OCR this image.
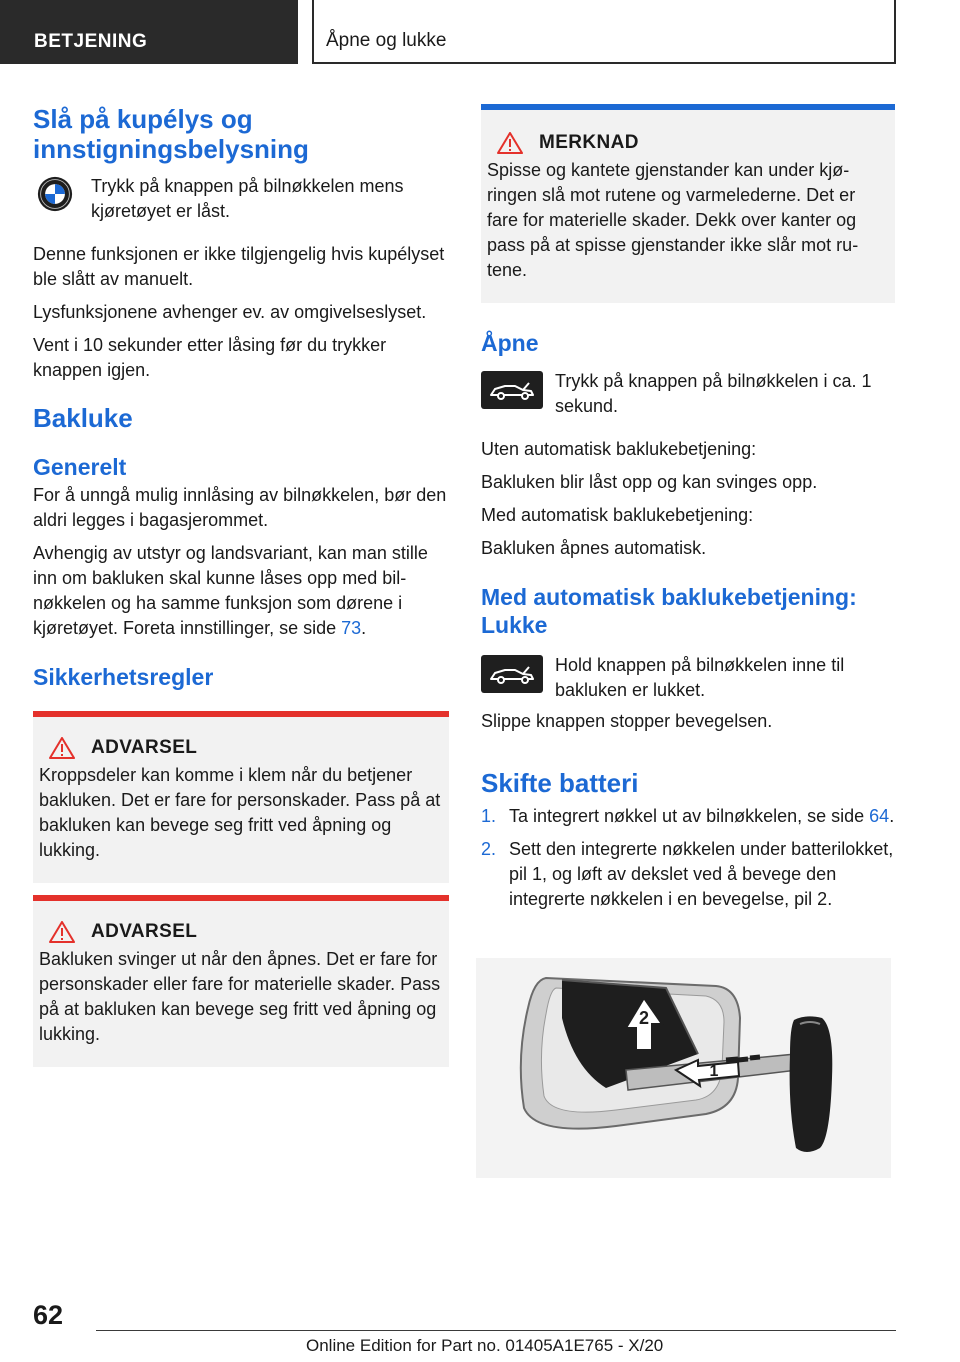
BETJENING	Åpne og lukke
Slå på kupélys og innstigningsbelysning

Trykk på knappen på bilnøkkelen mens kjøretøyet er låst.

Denne funksjonen er ikke tilgjengelig hvis kupélyset ble slått av manuelt.

Lysfunksjonene avhenger ev. av omgivelseslyset.

Vent i 10 sekunder etter låsing før du trykker knappen igjen.

Bakluke
Generelt

For å unngå mulig innlåsing av bilnøkkelen, bør den aldri legges i bagasjerommet.

Avhengig av utstyr og landsvariant, kan man stille inn om bakluken skal kunne låses opp med bilnøkkelen og ha samme funksjon som dørene i kjøretøyet. Foreta innstillinger, se side 73.

Sikkerhetsregler
ADVARSEL

Kroppsdeler kan komme i klem når du betjener bakluken. Det er fare for personskader. Pass på at bakluken kan bevege seg fritt ved åpning og lukking.

ADVARSEL

Bakluken svinger ut når den åpnes. Det er fare for personskader eller fare for materielle skader. Pass på at bakluken kan bevege seg fritt ved åpning og lukking.

MERKNAD

Spisse og kantete gjenstander kan under kjøringen slå mot rutene og varmelederne. Det er fare for materielle skader. Dekk over kanter og pass på at spisse gjenstander ikke slår mot rutene.

Åpne

Trykk på knappen på bilnøkkelen i ca. 1 sekund.

Uten automatisk baklukebetjening:

Bakluken blir låst opp og kan svinges opp.

Med automatisk baklukebetjening:

Bakluken åpnes automatisk.

Med automatisk baklukebetjening: Lukke

Hold knappen på bilnøkkelen inne til bakluken er lukket.

Slippe knappen stopper bevegelsen.

Skifte batteri
1. Ta integrert nøkkel ut av bilnøkkelen, se side 64.
2. Sett den integrerte nøkkelen under batterilokket, pil 1, og løft av dekslet ved å bevege den integrerte nøkkelen i en bevegelse, pil 2.
2
1
62
Online Edition for Part no. 01405A1E765 - X/20
